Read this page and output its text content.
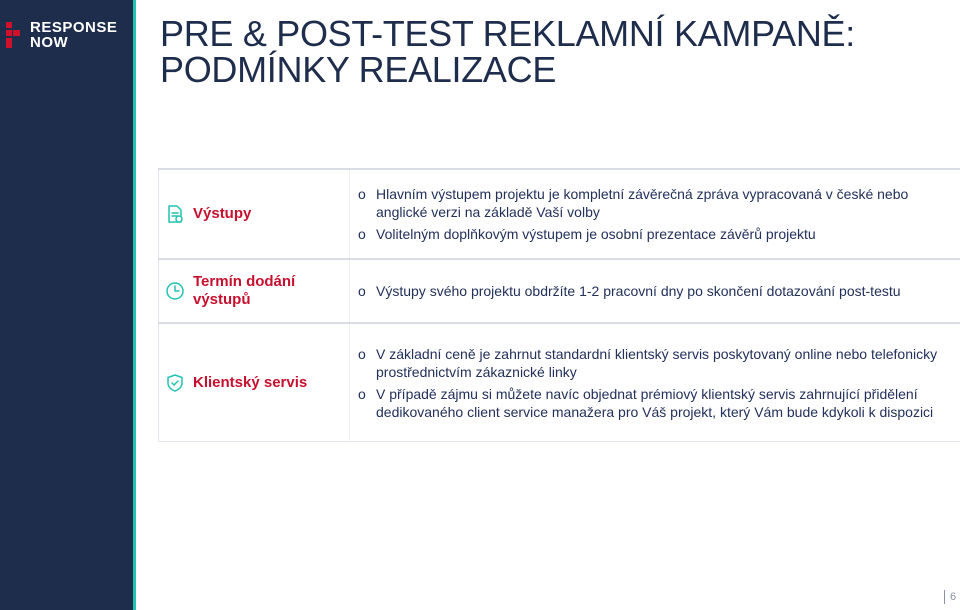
RESPONSE
NOW	PRE & POST-TEST REKLAMNÍ KAMPANĚ:
PODMÍNKY REALIZACE
Výstupy
o Hlavním výstupem projektu je kompletní závěrečná zpráva vypracovaná v české nebo anglické verzi na základě Vaší volby
o Volitelným doplňkovým výstupem je osobní prezentace závěrů projektu
Termín dodání
výstupů	o Výstupy svého projektu obdržíte 1-2 pracovní dny po skončení dotazování post-testu
Klientský servis
o V základní ceně je zahrnut standardní klientský servis poskytovaný online nebo telefonicky prostřednictvím zákaznické linky
o V případě zájmu si můžete navíc objednat prémiový klientský servis zahrnující přidělení dedikovaného client service manažera pro Váš projekt, který Vám bude kdykoli k dispozici
6
